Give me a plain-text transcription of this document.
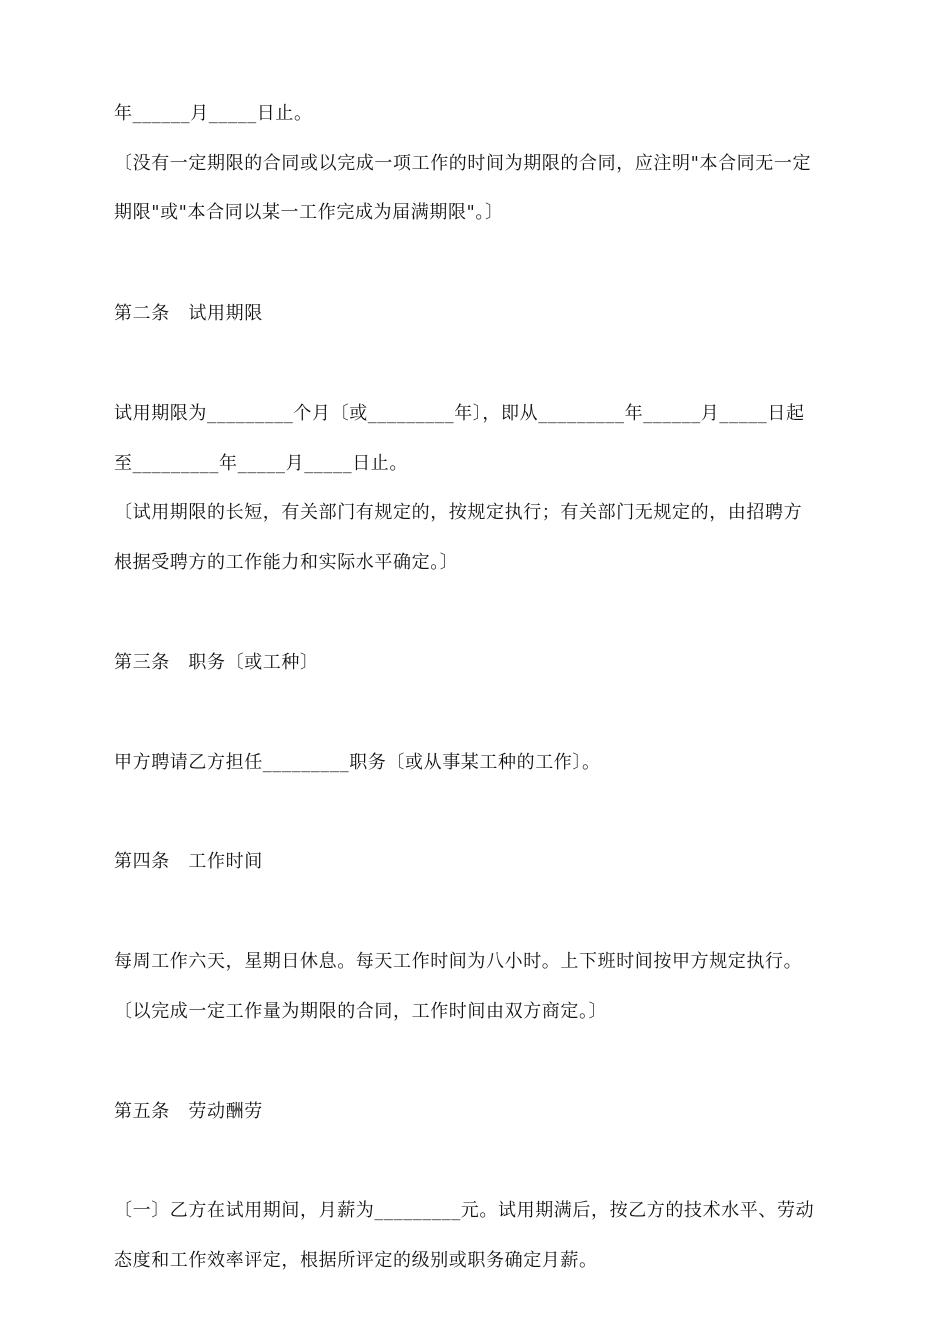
年______月_____日止。
〔没有一定期限的合同或以完成一项工作的时间为期限的合同，应注明"本合同无一定
期限"或"本合同以某一工作完成为届满期限"。〕
第二条　试用期限
试用期限为_________个月〔或_________年〕，即从_________年______月_____日起
至_________年_____月_____日止。
〔试用期限的长短，有关部门有规定的，按规定执行；有关部门无规定的，由招聘方
根据受聘方的工作能力和实际水平确定。〕
第三条　职务〔或工种〕
甲方聘请乙方担任_________职务〔或从事某工种的工作〕。
第四条　工作时间
每周工作六天，星期日休息。每天工作时间为八小时。上下班时间按甲方规定执行。
〔以完成一定工作量为期限的合同，工作时间由双方商定。〕
第五条　劳动酬劳
〔一〕乙方在试用期间，月薪为_________元。试用期满后，按乙方的技术水平、劳动
态度和工作效率评定，根据所评定的级别或职务确定月薪。
